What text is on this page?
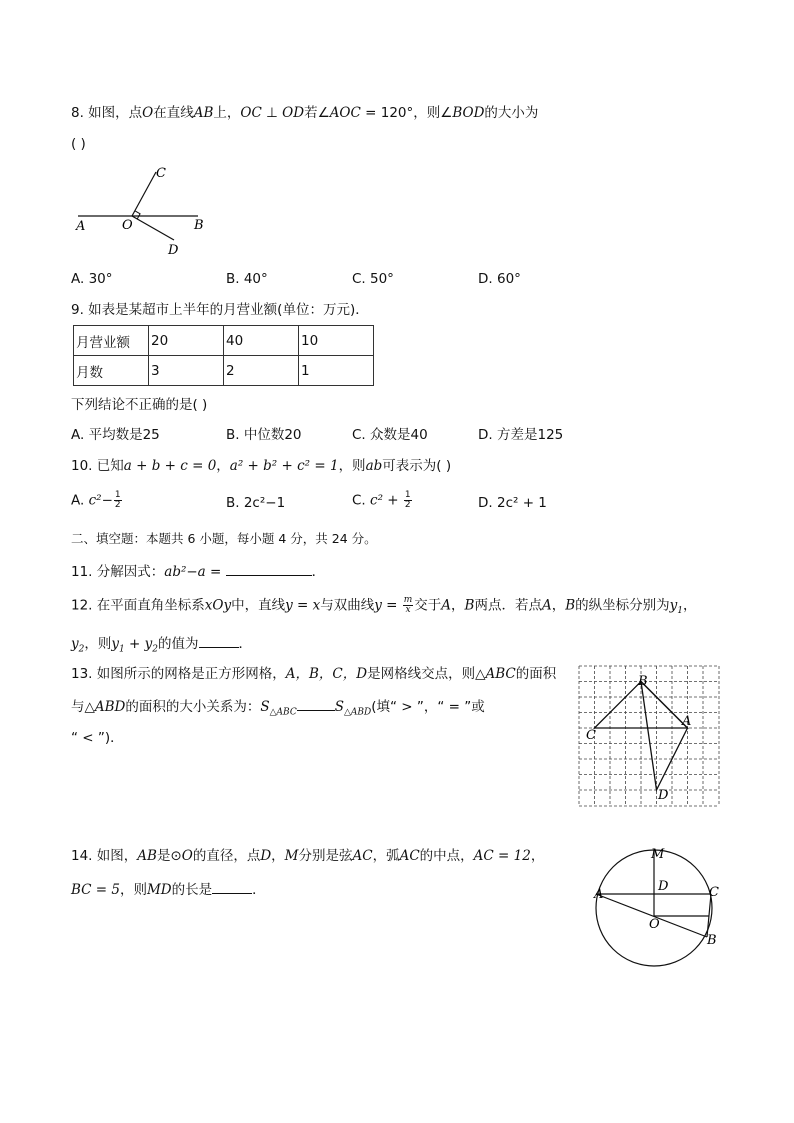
8. 如图，点O在直线AB上，OC ⊥ OD若∠AOC = 120°，则∠BOD的大小为
( )
A	O	B
C
D
A. 30°	B. 40°	C. 50°	D. 60°
9. 如表是某超市上半年的月营业额(单位：万元)．
月营业额	20	40	10
月数	3	2	1
下列结论不正确的是( )
A. 平均数是25	B. 中位数20	C. 众数是40	D. 方差是125
10. 已知a + b + c = 0，a² + b² + c² = 1，则ab可表示为( )
A. $c^2- \frac{1}{2}$	B. 2c²−1	C. $c^2 + \frac{1}{2}$	D. 2c² + 1
二、填空题：本题共 6 小题，每小题 4 分，共 24 分。
11. 分解因式：ab²−a =	．
12. 在平面直角坐标系xOy中，直线y = x与双曲线$y = \frac{m}{x}$ 交于A，B两点．若点A，B的纵坐标分别为$y_1$，
$y_2$，则$y_1 + y_2$的值为	．
13. 如图所示的网格是正方形网格，A，B，C，D是网格线交点，则△ABC的面积
与△ABD的面积的大小关系为：$S_{\triangle ABC}$	$S_{\triangle ABD}$(填“ > ”，“ = ”或
“ < ”)．
B
C
A
D
14. 如图，AB是⊙O的直径，点D，M分别是弦AC，弧AC的中点，AC = 12，
BC = 5，则MD的长是	．
M
D
A	C
O
B
